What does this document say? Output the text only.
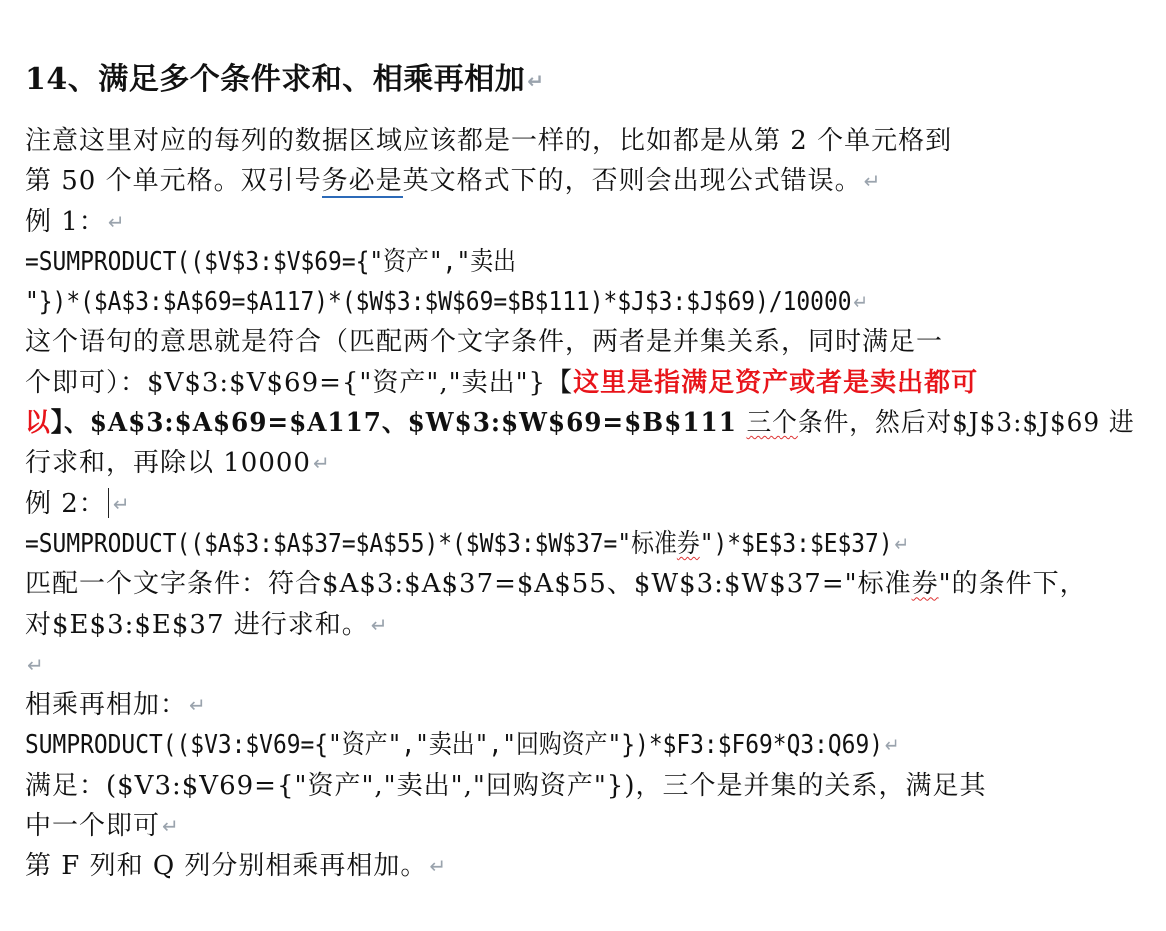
14、满足多个条件求和、相乘再相加 ↵
注意这里对应的每列的数据区域应该都是一样的，比如都是从第 2 个单元格到
第 50 个单元格。双引号务必是英文格式下的，否则会出现公式错误。 ↵
例 1： ↵
=SUMPRODUCT(($V$3:$V$69={"资产","卖出
"})*($A$3:$A$69=$A117)*($W$3:$W$69=$B$111)*$J$3:$J$69)/10000↵
这个语句的意思就是符合（匹配两个文字条件，两者是并集关系，同时满足一
个即可）：$V$3:$V$69={"资产","卖出"}【这里是指满足资产或者是卖出都可
以】、$A$3:$A$69=$A117、$W$3:$W$69=$B$111 三个条件，然后对$J$3:$J$69 进
行求和，再除以 10000 ↵
例 2： ↵
=SUMPRODUCT(($A$3:$A$37=$A$55)*($W$3:$W$37="标准券")*$E$3:$E$37)↵
匹配一个文字条件：符合$A$3:$A$37=$A$55、$W$3:$W$37="标准券"的条件下，
对$E$3:$E$37 进行求和。 ↵
↵
相乘再相加： ↵
SUMPRODUCT(($V3:$V69={"资产","卖出","回购资产"})*$F3:$F69*Q3:Q69)↵
满足：($V3:$V69={"资产","卖出","回购资产"})，三个是并集的关系，满足其
中一个即可 ↵
第 F 列和 Q 列分别相乘再相加。 ↵
